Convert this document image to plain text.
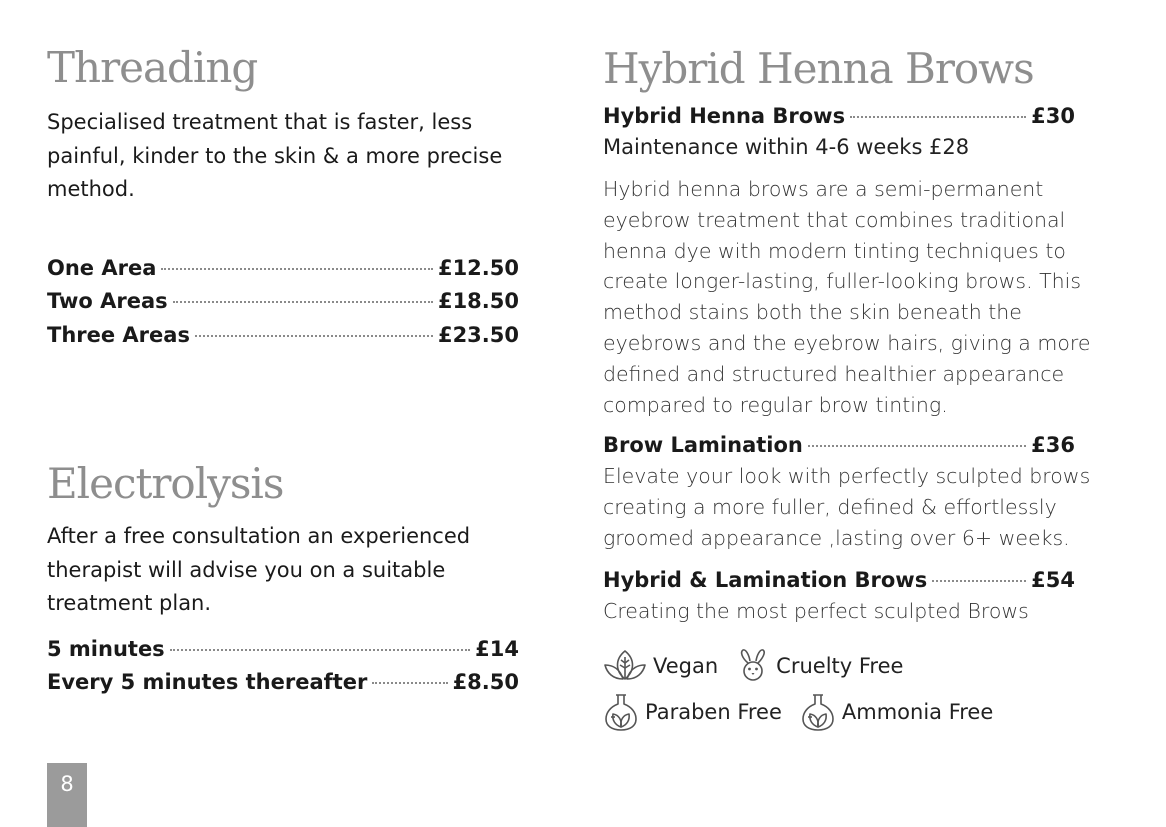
Threading

Specialised treatment that is faster, less painful, kinder to the skin & a more precise method.

One Area	£12.50
Two Areas	£18.50
Three Areas	£23.50
Electrolysis

After a free consultation an experienced therapist will advise you on a suitable treatment plan.

5 minutes	£14
Every 5 minutes thereafter	£8.50
Hybrid Henna Brows
Hybrid Henna Brows	£30

Maintenance within 4-6 weeks £28

Hybrid henna brows are a semi-permanent eyebrow treatment that combines traditional henna dye with modern tinting techniques to create longer-lasting, fuller-looking brows. This method stains both the skin beneath the eyebrows and the eyebrow hairs, giving a more defined and structured healthier appearance compared to regular brow tinting.

Brow Lamination	£36

Elevate your look with perfectly sculpted brows creating a more fuller, defined & effortlessly groomed appearance ,lasting over 6+ weeks.

Hybrid & Lamination Brows	£54

Creating the most perfect sculpted Brows

Vegan	Cruelty Free
Paraben Free	Ammonia Free
8
